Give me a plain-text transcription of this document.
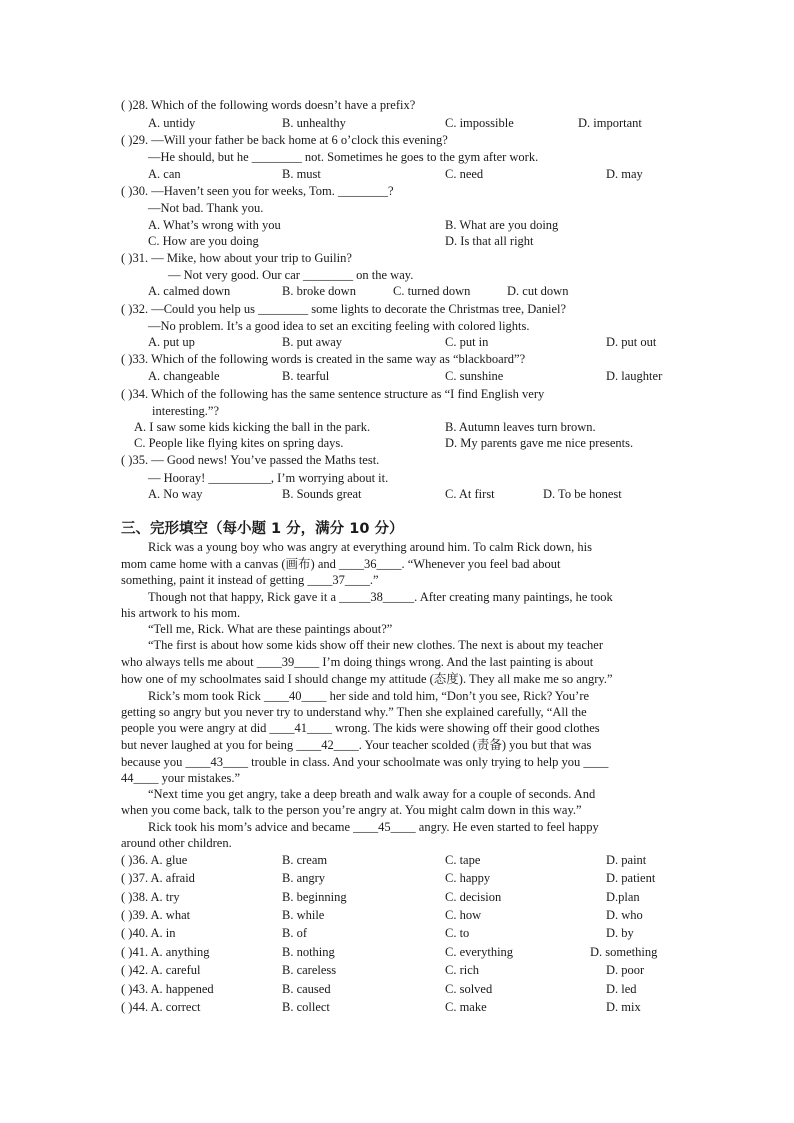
( )28. Which of the following words doesn’t have a prefix?
A. untidy	B. unhealthy	C. impossible	D. important
( )29. —Will your father be back home at 6 o’clock this evening?
—He should, but he ________ not. Sometimes he goes to the gym after work.
A. can	B. must	C. need	D. may
( )30. —Haven’t seen you for weeks, Tom. ________?
—Not bad. Thank you.
A. What’s wrong with you	B. What are you doing
C. How are you doing	D. Is that all right
( )31. — Mike, how about your trip to Guilin?
— Not very good. Our car ________ on the way.
A. calmed down	B. broke down	C. turned down	D. cut down
( )32. —Could you help us ________ some lights to decorate the Christmas tree, Daniel?
—No problem. It’s a good idea to set an exciting feeling with colored lights.
A. put up	B. put away	C. put in	D. put out
( )33. Which of the following words is created in the same way as “blackboard”?
A. changeable	B. tearful	C. sunshine	D. laughter
( )34. Which of the following has the same sentence structure as “I find English very
interesting.”?
A. I saw some kids kicking the ball in the park.	B. Autumn leaves turn brown.
C. People like flying kites on spring days.	D. My parents gave me nice presents.
( )35. — Good news! You’ve passed the Maths test.
— Hooray! __________, I’m worrying about it.
A. No way	B. Sounds great	C. At first	D. To be honest
三、完形填空（每小题 1 分，满分 10 分）
Rick was a young boy who was angry at everything around him. To calm Rick down, his
mom came home with a canvas (画布) and ____36____. “Whenever you feel bad about
something, paint it instead of getting ____37____.”
Though not that happy, Rick gave it a _____38_____. After creating many paintings, he took
his artwork to his mom.
“Tell me, Rick. What are these paintings about?”
“The first is about how some kids show off their new clothes. The next is about my teacher
who always tells me about ____39____ I’m doing things wrong. And the last painting is about
how one of my schoolmates said I should change my attitude (态度). They all make me so angry.”
Rick’s mom took Rick ____40____ her side and told him, “Don’t you see, Rick? You’re
getting so angry but you never try to understand why.” Then she explained carefully, “All the
people you were angry at did ____41____ wrong. The kids were showing off their good clothes
but never laughed at you for being ____42____. Your teacher scolded (责备) you but that was
because you ____43____ trouble in class. And your schoolmate was only trying to help you ____
44____ your mistakes.”
“Next time you get angry, take a deep breath and walk away for a couple of seconds. And
when you come back, talk to the person you’re angry at. You might calm down in this way.”
Rick took his mom’s advice and became ____45____ angry. He even started to feel happy
around other children.
( )36. A. glue	B. cream	C. tape	D. paint
( )37. A. afraid	B. angry	C. happy	D. patient
( )38. A. try	B. beginning	C. decision	D.plan
( )39. A. what	B. while	C. how	D. who
( )40. A. in	B. of	C. to	D. by
( )41. A. anything	B. nothing	C. everything	D. something
( )42. A. careful	B. careless	C. rich	D. poor
( )43. A. happened	B. caused	C. solved	D. led
( )44. A. correct	B. collect	C. make	D. mix
